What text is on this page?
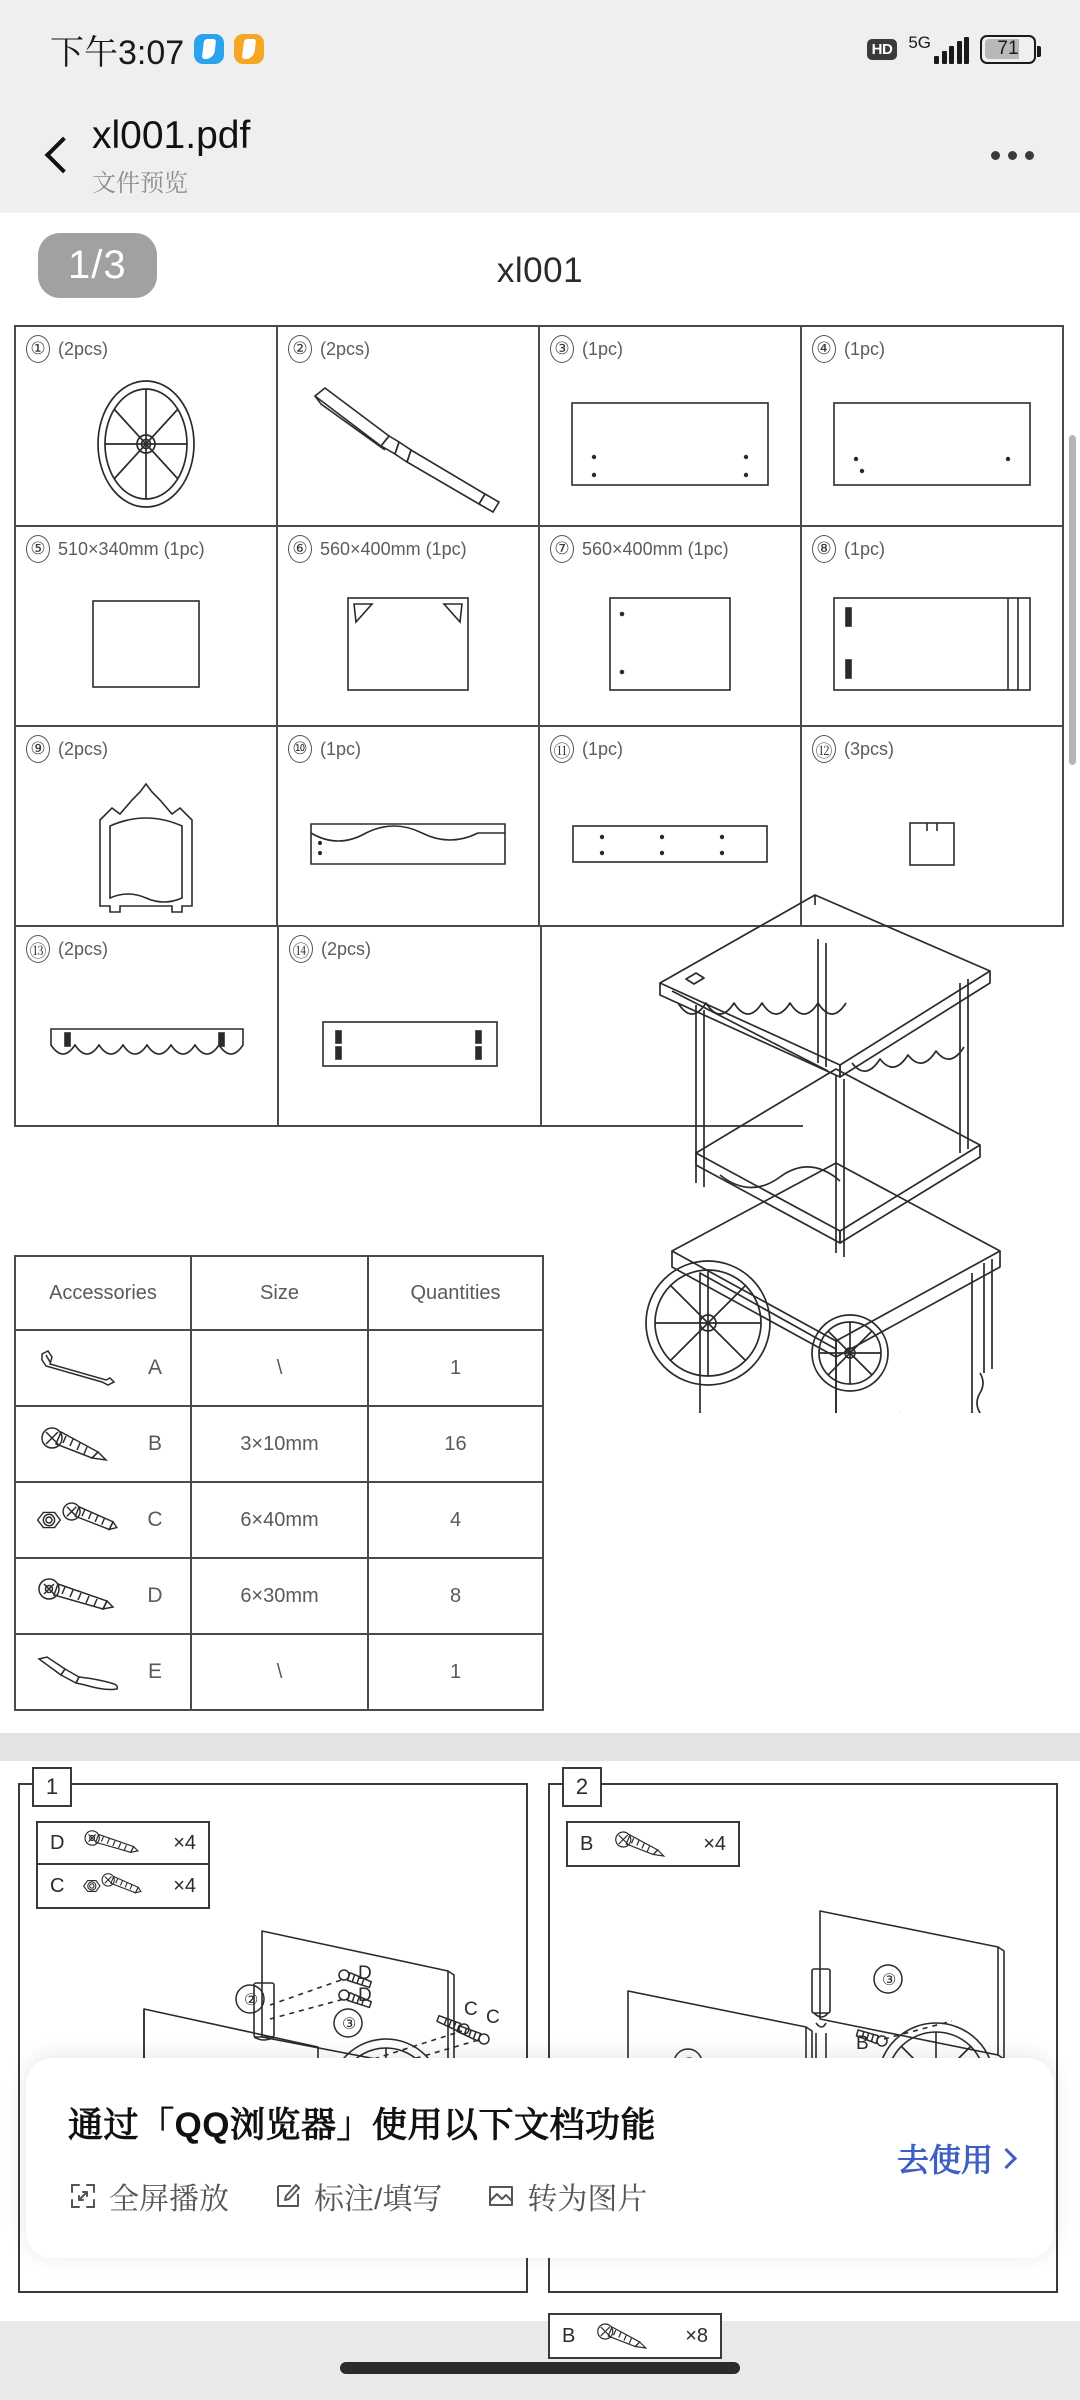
下午3:07	HD 5G	71
xl001.pdf
文件预览
xl001
① (2pcs)	② (2pcs)	③ (1pc)	④ (1pc)
⑤ 510×340mm (1pc)	⑥ 560×400mm (1pc)	⑦ 560×400mm (1pc)	⑧ (1pc)
⑨ (2pcs)	⑩ (1pc)	⑪ (1pc)	⑫ (3pcs)
⑬ (2pcs)	⑭ (2pcs)
Accessories	Size	Quantities
A	\	1
B	3×10mm	16
C	6×40mm	4
D	6×30mm	8
E	\	1
1
D	×4
C	×4
D
D
C C
②
③
2
B	×4
B
③
B	×8
1/3
通过「QQ浏览器」使用以下文档功能
全屏播放	标注/填写	转为图片
去使用
